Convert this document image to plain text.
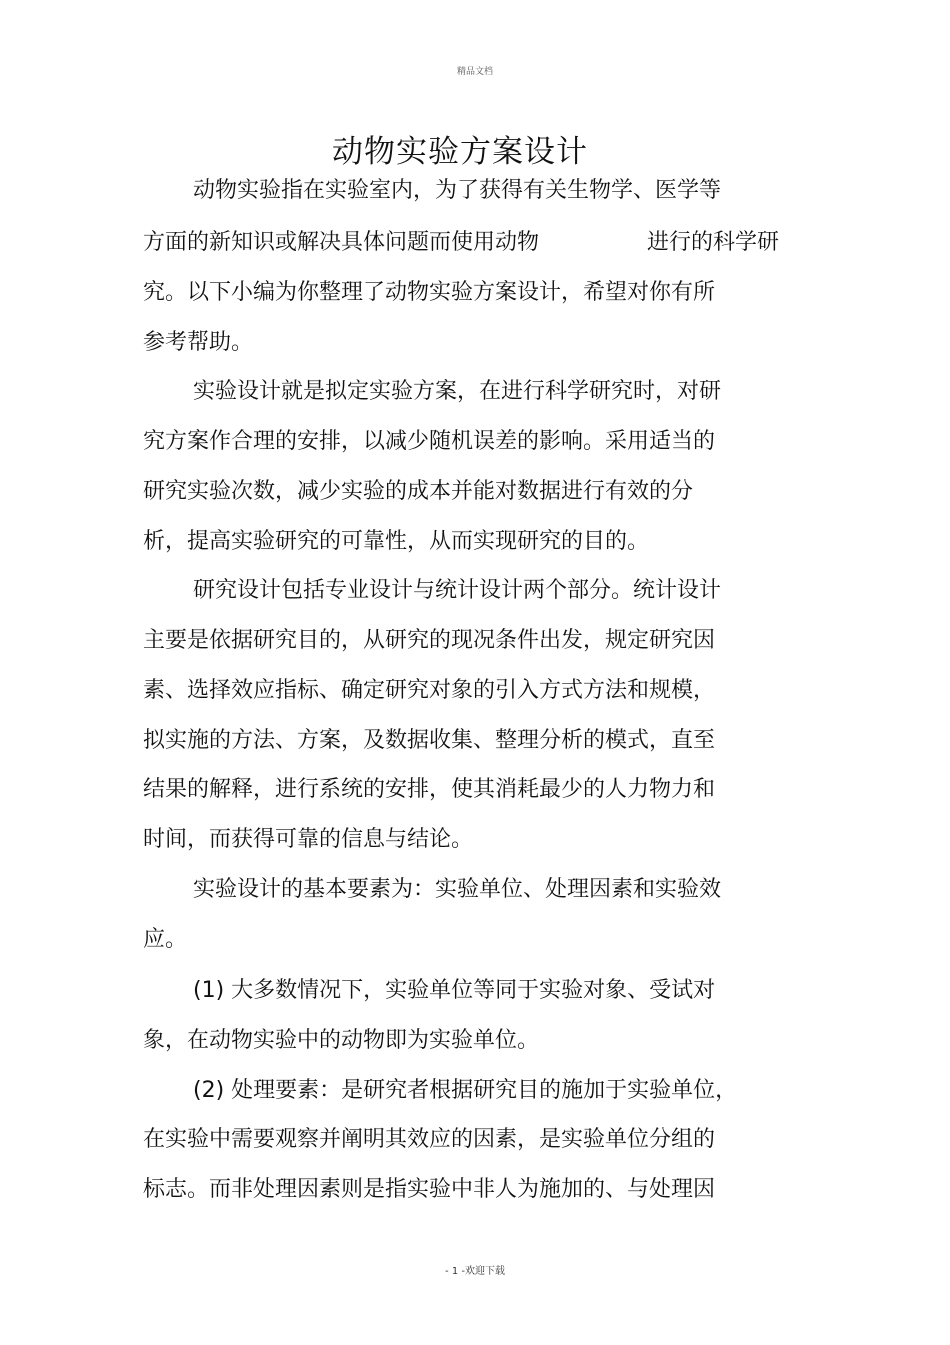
精品文档
动物实验方案设计
动物实验指在实验室内，为了获得有关生物学、医学等
方面的新知识或解决具体问题而使用动物	进行的科学研
究。以下小编为你整理了动物实验方案设计，希望对你有所
参考帮助。
实验设计就是拟定实验方案，在进行科学研究时，对研
究方案作合理的安排，以减少随机误差的影响。采用适当的
研究实验次数，减少实验的成本并能对数据进行有效的分
析，提高实验研究的可靠性，从而实现研究的目的。
研究设计包括专业设计与统计设计两个部分。统计设计
主要是依据研究目的，从研究的现况条件出发，规定研究因
素、选择效应指标、确定研究对象的引入方式方法和规模，
拟实施的方法、方案，及数据收集、整理分析的模式，直至
结果的解释，进行系统的安排，使其消耗最少的人力物力和
时间，而获得可靠的信息与结论。
实验设计的基本要素为：实验单位、处理因素和实验效
应。
(1) 大多数情况下，实验单位等同于实验对象、受试对
象，在动物实验中的动物即为实验单位。
(2) 处理要素：是研究者根据研究目的施加于实验单位，
在实验中需要观察并阐明其效应的因素，是实验单位分组的
标志。而非处理因素则是指实验中非人为施加的、与处理因
- 1 -欢迎下载
